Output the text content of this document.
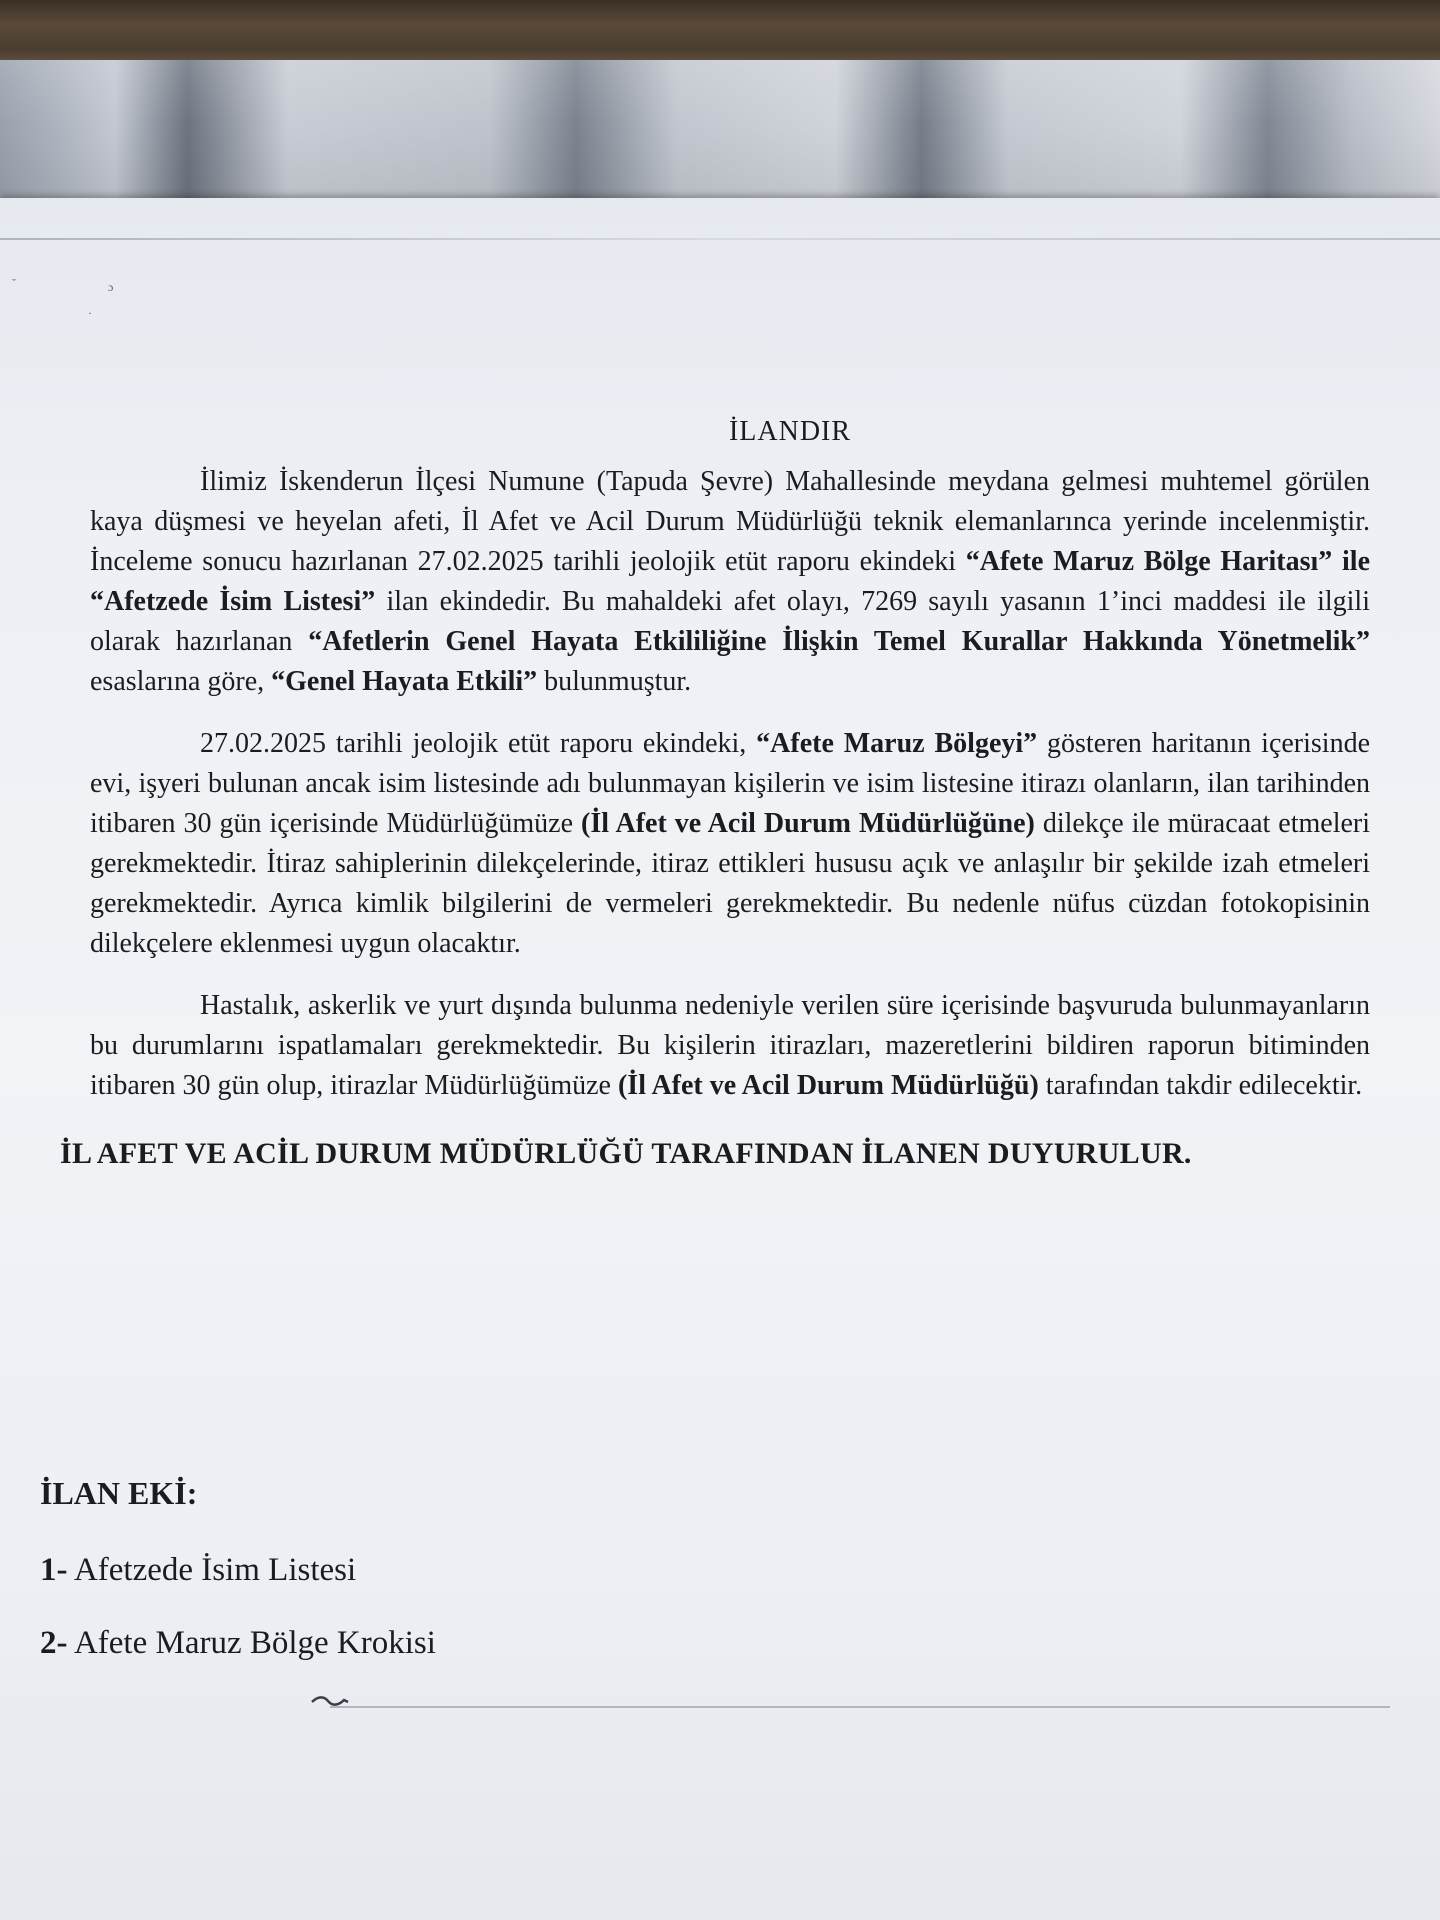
˘	ɔ
·
İLANDIR

İlimiz İskenderun İlçesi Numune (Tapuda Şevre) Mahallesinde meydana gelmesi muhtemel görülen kaya düşmesi ve heyelan afeti, İl Afet ve Acil Durum Müdürlüğü teknik elemanlarınca yerinde incelenmiştir. İnceleme sonucu hazırlanan 27.02.2025 tarihli jeolojik etüt raporu ekindeki “Afete Maruz Bölge Haritası” ile “Afetzede İsim Listesi” ilan ekindedir. Bu mahaldeki afet olayı, 7269 sayılı yasanın 1’inci maddesi ile ilgili olarak hazırlanan “Afetlerin Genel Hayata Etkililiğine İlişkin Temel Kurallar Hakkında Yönetmelik” esaslarına göre, “Genel Hayata Etkili” bulunmuştur.

27.02.2025 tarihli jeolojik etüt raporu ekindeki, “Afete Maruz Bölgeyi” gösteren haritanın içerisinde evi, işyeri bulunan ancak isim listesinde adı bulunmayan kişilerin ve isim listesine itirazı olanların, ilan tarihinden itibaren 30 gün içerisinde Müdürlüğümüze (İl Afet ve Acil Durum Müdürlüğüne) dilekçe ile müracaat etmeleri gerekmektedir. İtiraz sahiplerinin dilekçelerinde, itiraz ettikleri hususu açık ve anlaşılır bir şekilde izah etmeleri gerekmektedir. Ayrıca kimlik bilgilerini de vermeleri gerekmektedir. Bu nedenle nüfus cüzdan fotokopisinin dilekçelere eklenmesi uygun olacaktır.

Hastalık, askerlik ve yurt dışında bulunma nedeniyle verilen süre içerisinde başvuruda bulunmayanların bu durumlarını ispatlamaları gerekmektedir. Bu kişilerin itirazları, mazeretlerini bildiren raporun bitiminden itibaren 30 gün olup, itirazlar Müdürlüğümüze (İl Afet ve Acil Durum Müdürlüğü) tarafından takdir edilecektir.

İL AFET VE ACİL DURUM MÜDÜRLÜĞÜ TARAFINDAN İLANEN DUYURULUR.
İLAN EKİ:
1- Afetzede İsim Listesi
2- Afete Maruz Bölge Krokisi
